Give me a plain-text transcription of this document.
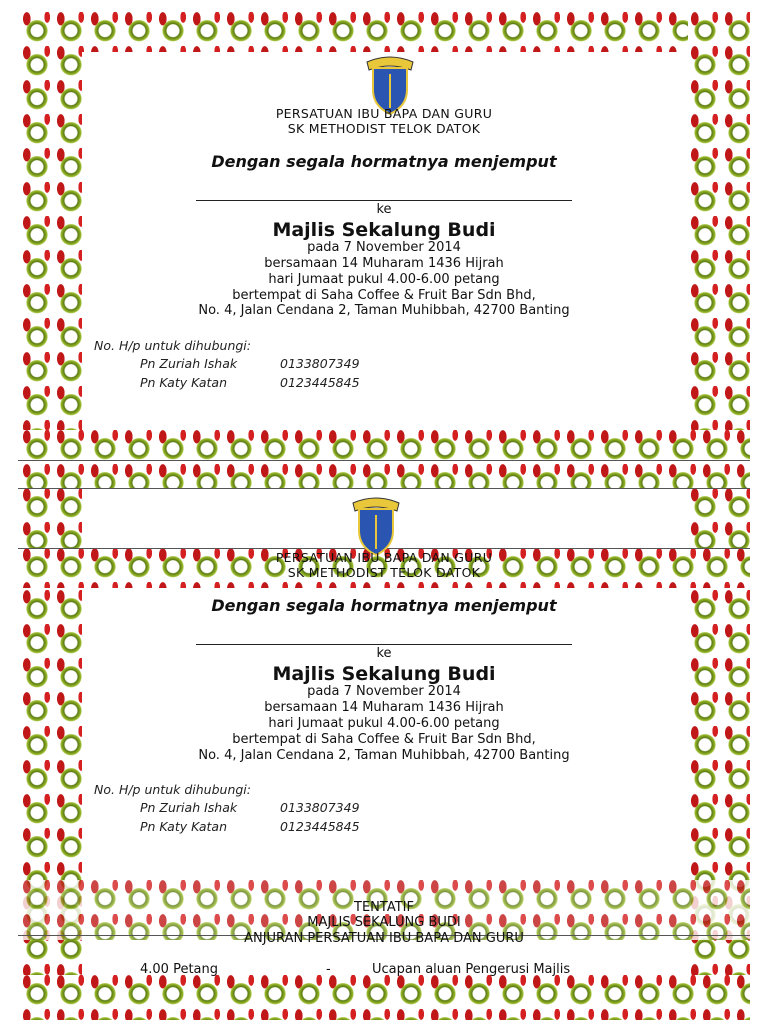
PERSATUAN IBU BAPA DAN GURU
SK METHODIST TELOK DATOK
Dengan segala hormatnya menjemput
ke
Majlis Sekalung Budi
pada 7 November 2014
bersamaan 14 Muharam 1436 Hijrah
hari Jumaat pukul 4.00-6.00 petang
bertempat di Saha Coffee & Fruit Bar Sdn Bhd,
No. 4, Jalan Cendana 2, Taman Muhibbah, 42700 Banting
No. H/p untuk dihubungi:
Pn Zuriah Ishak	0133807349
Pn Katy Katan	0123445845
PERSATUAN IBU BAPA DAN GURU
SK METHODIST TELOK DATOK
Dengan segala hormatnya menjemput
ke
Majlis Sekalung Budi
pada 7 November 2014
bersamaan 14 Muharam 1436 Hijrah
hari Jumaat pukul 4.00-6.00 petang
bertempat di Saha Coffee & Fruit Bar Sdn Bhd,
No. 4, Jalan Cendana 2, Taman Muhibbah, 42700 Banting
No. H/p untuk dihubungi:
Pn Zuriah Ishak	0133807349
Pn Katy Katan	0123445845
TENTATIF
MAJLIS SEKALUNG BUDI
ANJURAN PERSATUAN IBU BAPA DAN GURU
4.00 Petang	-	Ucapan aluan Pengerusi Majlis
